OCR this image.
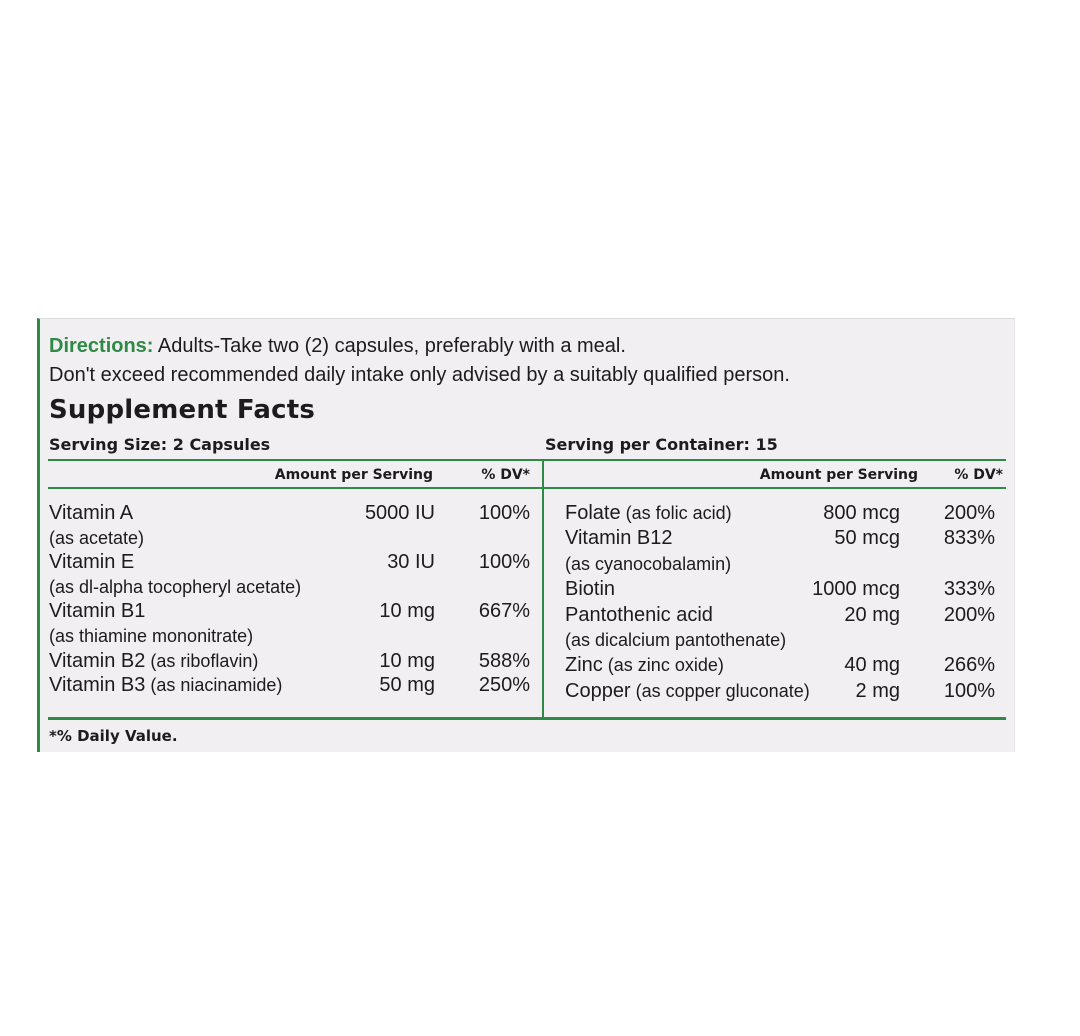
Directions: Adults-Take two (2) capsules, preferably with a meal.
Don't exceed recommended daily intake only advised by a suitably qualified person.
Supplement Facts
Serving Size: 2 Capsules	Serving per Container: 15
Amount per Serving	% DV*	Amount per Serving	% DV*
Vitamin A	5000 IU	100%
(as acetate)
Vitamin E	30 IU	100%
(as dl-alpha tocopheryl acetate)
Vitamin B1	10 mg	667%
(as thiamine mononitrate)
Vitamin B2 (as riboflavin)	10 mg	588%
Vitamin B3 (as niacinamide)	50 mg	250%
Folate (as folic acid)	800 mcg	200%
Vitamin B12	50 mcg	833%
(as cyanocobalamin)
Biotin	1000 mcg	333%
Pantothenic acid	20 mg	200%
(as dicalcium pantothenate)
Zinc (as zinc oxide)	40 mg	266%
Copper (as copper gluconate)	2 mg	100%
*% Daily Value.
